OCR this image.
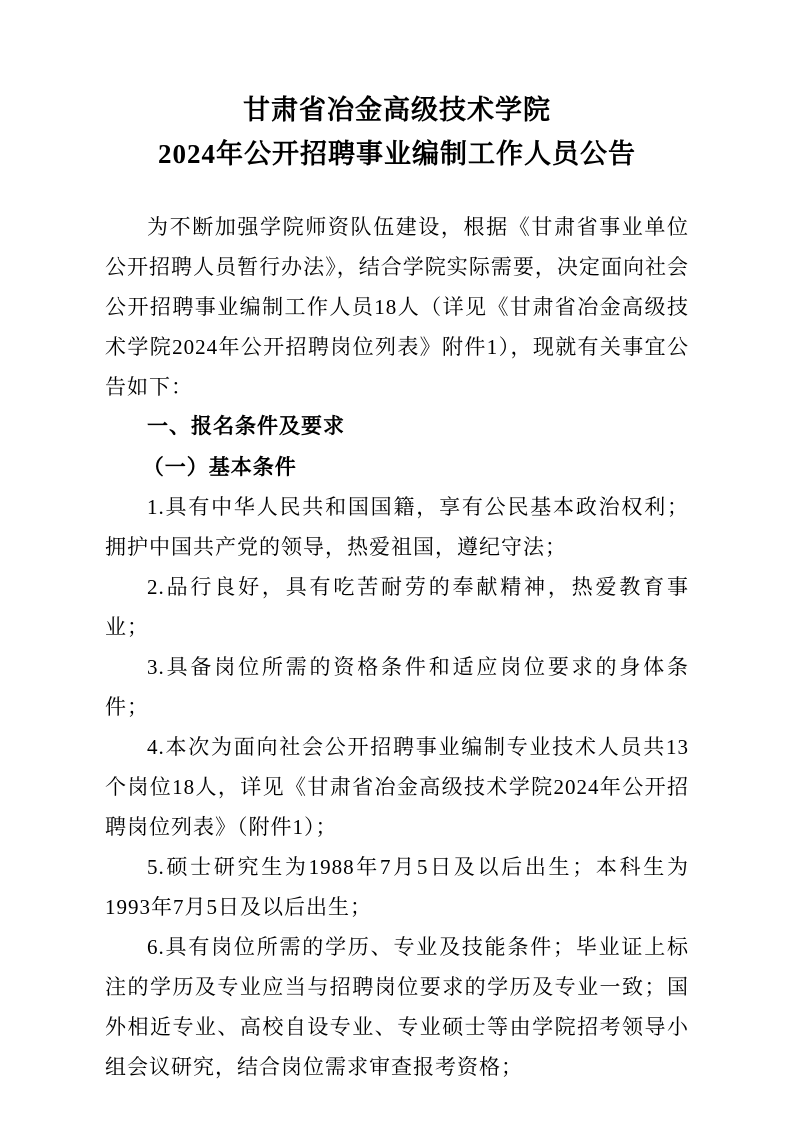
甘肃省冶金高级技术学院
2024年公开招聘事业编制工作人员公告

为不断加强学院师资队伍建设，根据《甘肃省事业单位公开招聘人员暂行办法》，结合学院实际需要，决定面向社会公开招聘事业编制工作人员18人（详见《甘肃省冶金高级技术学院2024年公开招聘岗位列表》附件1），现就有关事宜公告如下：

一、报名条件及要求
（一）基本条件

1.具有中华人民共和国国籍，享有公民基本政治权利；拥护中国共产党的领导，热爱祖国，遵纪守法；

2.品行良好，具有吃苦耐劳的奉献精神，热爱教育事业；

3.具备岗位所需的资格条件和适应岗位要求的身体条件；

4.本次为面向社会公开招聘事业编制专业技术人员共13个岗位18人，详见《甘肃省冶金高级技术学院2024年公开招聘岗位列表》（附件1）；

5.硕士研究生为1988年7月5日及以后出生；本科生为1993年7月5日及以后出生；

6.具有岗位所需的学历、专业及技能条件；毕业证上标注的学历及专业应当与招聘岗位要求的学历及专业一致；国外相近专业、高校自设专业、专业硕士等由学院招考领导小组会议研究，结合岗位需求审查报考资格；
